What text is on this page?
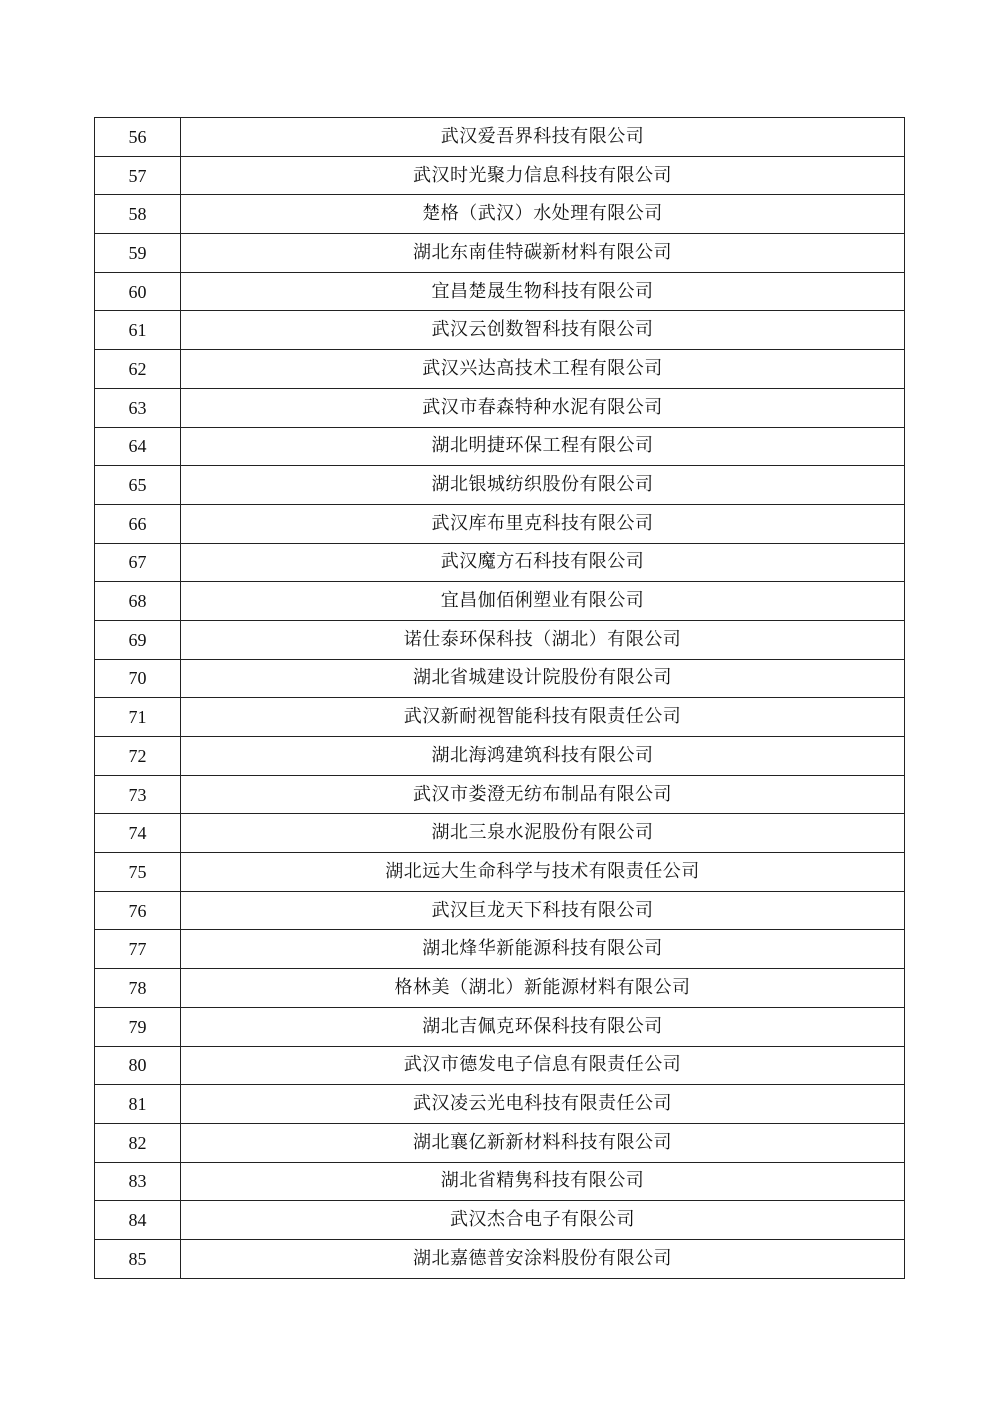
56	武汉爱吾界科技有限公司
57	武汉时光聚力信息科技有限公司
58	楚格（武汉）水处理有限公司
59	湖北东南佳特碳新材料有限公司
60	宜昌楚晟生物科技有限公司
61	武汉云创数智科技有限公司
62	武汉兴达高技术工程有限公司
63	武汉市春森特种水泥有限公司
64	湖北明捷环保工程有限公司
65	湖北银城纺织股份有限公司
66	武汉库布里克科技有限公司
67	武汉魔方石科技有限公司
68	宜昌伽佰俐塑业有限公司
69	诺仕泰环保科技（湖北）有限公司
70	湖北省城建设计院股份有限公司
71	武汉新耐视智能科技有限责任公司
72	湖北海鸿建筑科技有限公司
73	武汉市娄澄无纺布制品有限公司
74	湖北三泉水泥股份有限公司
75	湖北远大生命科学与技术有限责任公司
76	武汉巨龙天下科技有限公司
77	湖北烽华新能源科技有限公司
78	格林美（湖北）新能源材料有限公司
79	湖北吉佩克环保科技有限公司
80	武汉市德发电子信息有限责任公司
81	武汉凌云光电科技有限责任公司
82	湖北襄亿新新材料科技有限公司
83	湖北省精隽科技有限公司
84	武汉杰合电子有限公司
85	湖北嘉德普安涂料股份有限公司
